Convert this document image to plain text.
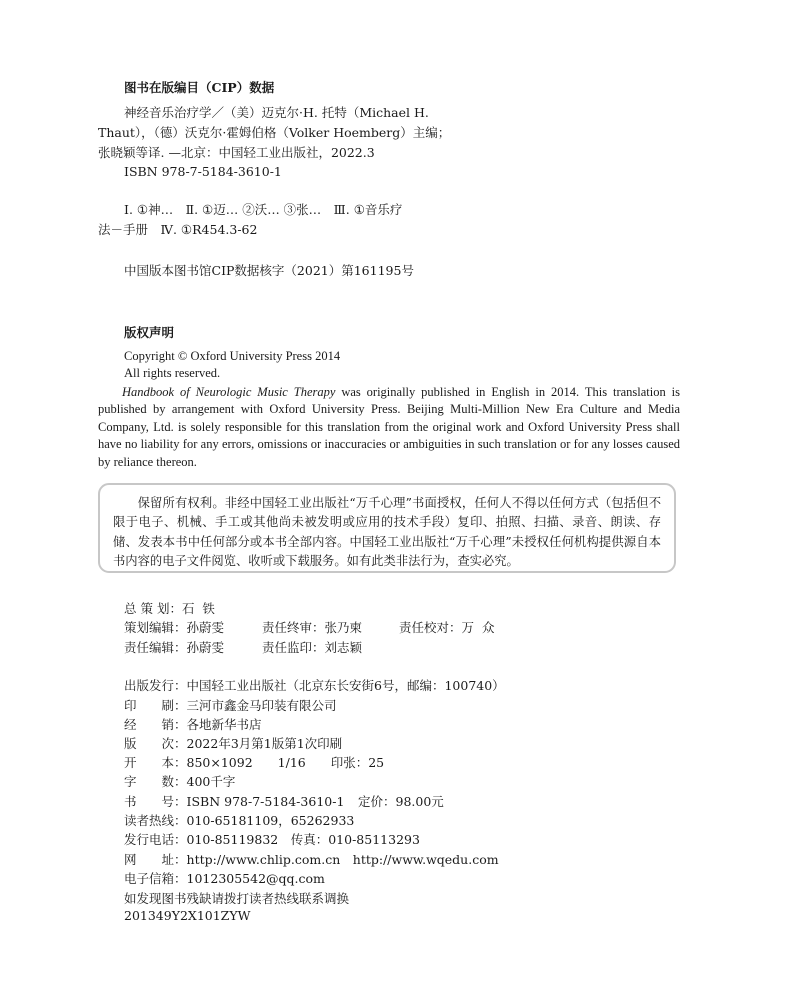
图书在版编目（CIP）数据
神经音乐治疗学／（美）迈克尔·H. 托特（Michael H.
Thaut），（德）沃克尔·霍姆伯格（Volker Hoemberg）主编；
张晓颖等译. —北京：中国轻工业出版社，2022.3
ISBN 978-7-5184-3610-1
Ⅰ. ①神…　Ⅱ. ①迈… ②沃… ③张…　Ⅲ. ①音乐疗
法－手册　Ⅳ. ①R454.3-62
中国版本图书馆CIP数据核字（2021）第161195号
版权声明
Copyright © Oxford University Press 2014
All rights reserved.
Handbook of Neurologic Music Therapy was originally published in English in 2014. This translation is published by arrangement with Oxford University Press. Beijing Multi-Million New Era Culture and Media Company, Ltd. is solely responsible for this translation from the original work and Oxford University Press shall have no liability for any errors, omissions or inaccuracies or ambiguities in such translation or for any losses caused by reliance thereon.

保留所有权利。非经中国轻工业出版社“万千心理”书面授权，任何人不得以任何方式（包括但不限于电子、机械、手工或其他尚未被发明或应用的技术手段）复印、拍照、扫描、录音、朗读、存储、发表本书中任何部分或本书全部内容。中国轻工业出版社“万千心理”未授权任何机构提供源自本书内容的电子文件阅览、收听或下载服务。如有此类非法行为，查实必究。

总 策 划：石  铁
策划编辑：孙蔚雯	责任终审：张乃柬	责任校对：万  众
责任编辑：孙蔚雯	责任监印：刘志颖
出版发行：中国轻工业出版社（北京东长安街6号，邮编：100740）
印　　刷：三河市鑫金马印装有限公司
经　　销：各地新华书店
版　　次：2022年3月第1版第1次印刷
开　　本：850×1092　　1/16　　印张：25
字　　数：400千字
书　　号：ISBN 978-7-5184-3610-1 定价：98.00元
读者热线：010-65181109，65262933
发行电话：010-85119832　传真：010-85113293
网　　址：http://www.chlip.com.cn　http://www.wqedu.com
电子信箱：1012305542@qq.com
如发现图书残缺请拨打读者热线联系调换
201349Y2X101ZYW
